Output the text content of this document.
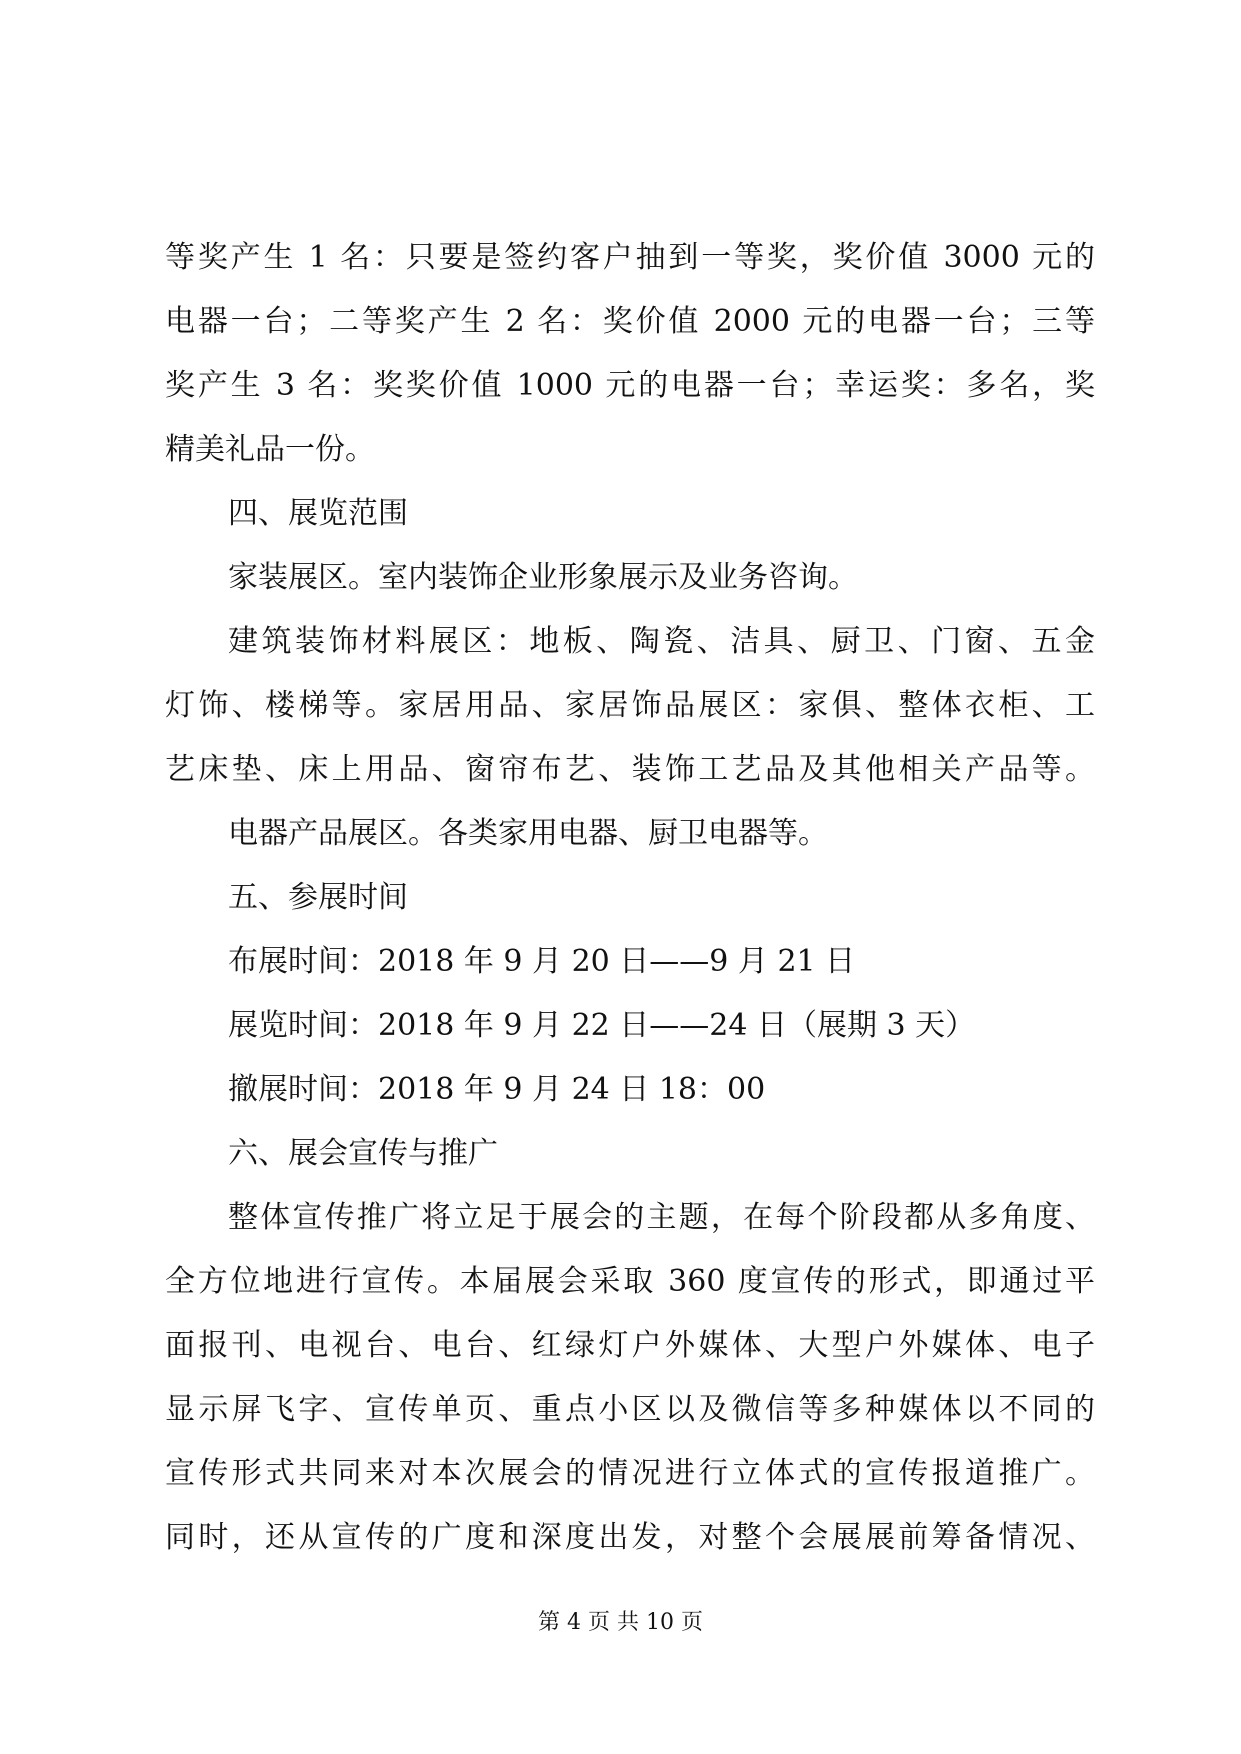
等奖产生 1 名：只要是签约客户抽到一等奖，奖价值 3000 元的
电器一台；二等奖产生 2 名：奖价值 2000 元的电器一台；三等
奖产生 3 名：奖奖价值 1000 元的电器一台；幸运奖：多名，奖
精美礼品一份。
四、展览范围
家装展区。室内装饰企业形象展示及业务咨询。
建筑装饰材料展区：地板、陶瓷、洁具、厨卫、门窗、五金
灯饰、楼梯等。家居用品、家居饰品展区：家俱、整体衣柜、工
艺床垫、床上用品、窗帘布艺、装饰工艺品及其他相关产品等。
电器产品展区。各类家用电器、厨卫电器等。
五、参展时间
布展时间：2018 年 9 月 20 日——9 月 21 日
展览时间：2018 年 9 月 22 日——24 日（展期 3 天）
撤展时间：2018 年 9 月 24 日 18：00
六、展会宣传与推广
整体宣传推广将立足于展会的主题，在每个阶段都从多角度、
全方位地进行宣传。本届展会采取 360 度宣传的形式，即通过平
面报刊、电视台、电台、红绿灯户外媒体、大型户外媒体、电子
显示屏飞字、宣传单页、重点小区以及微信等多种媒体以不同的
宣传形式共同来对本次展会的情况进行立体式的宣传报道推广。
同时，还从宣传的广度和深度出发，对整个会展展前筹备情况、
第 4 页 共 10 页
